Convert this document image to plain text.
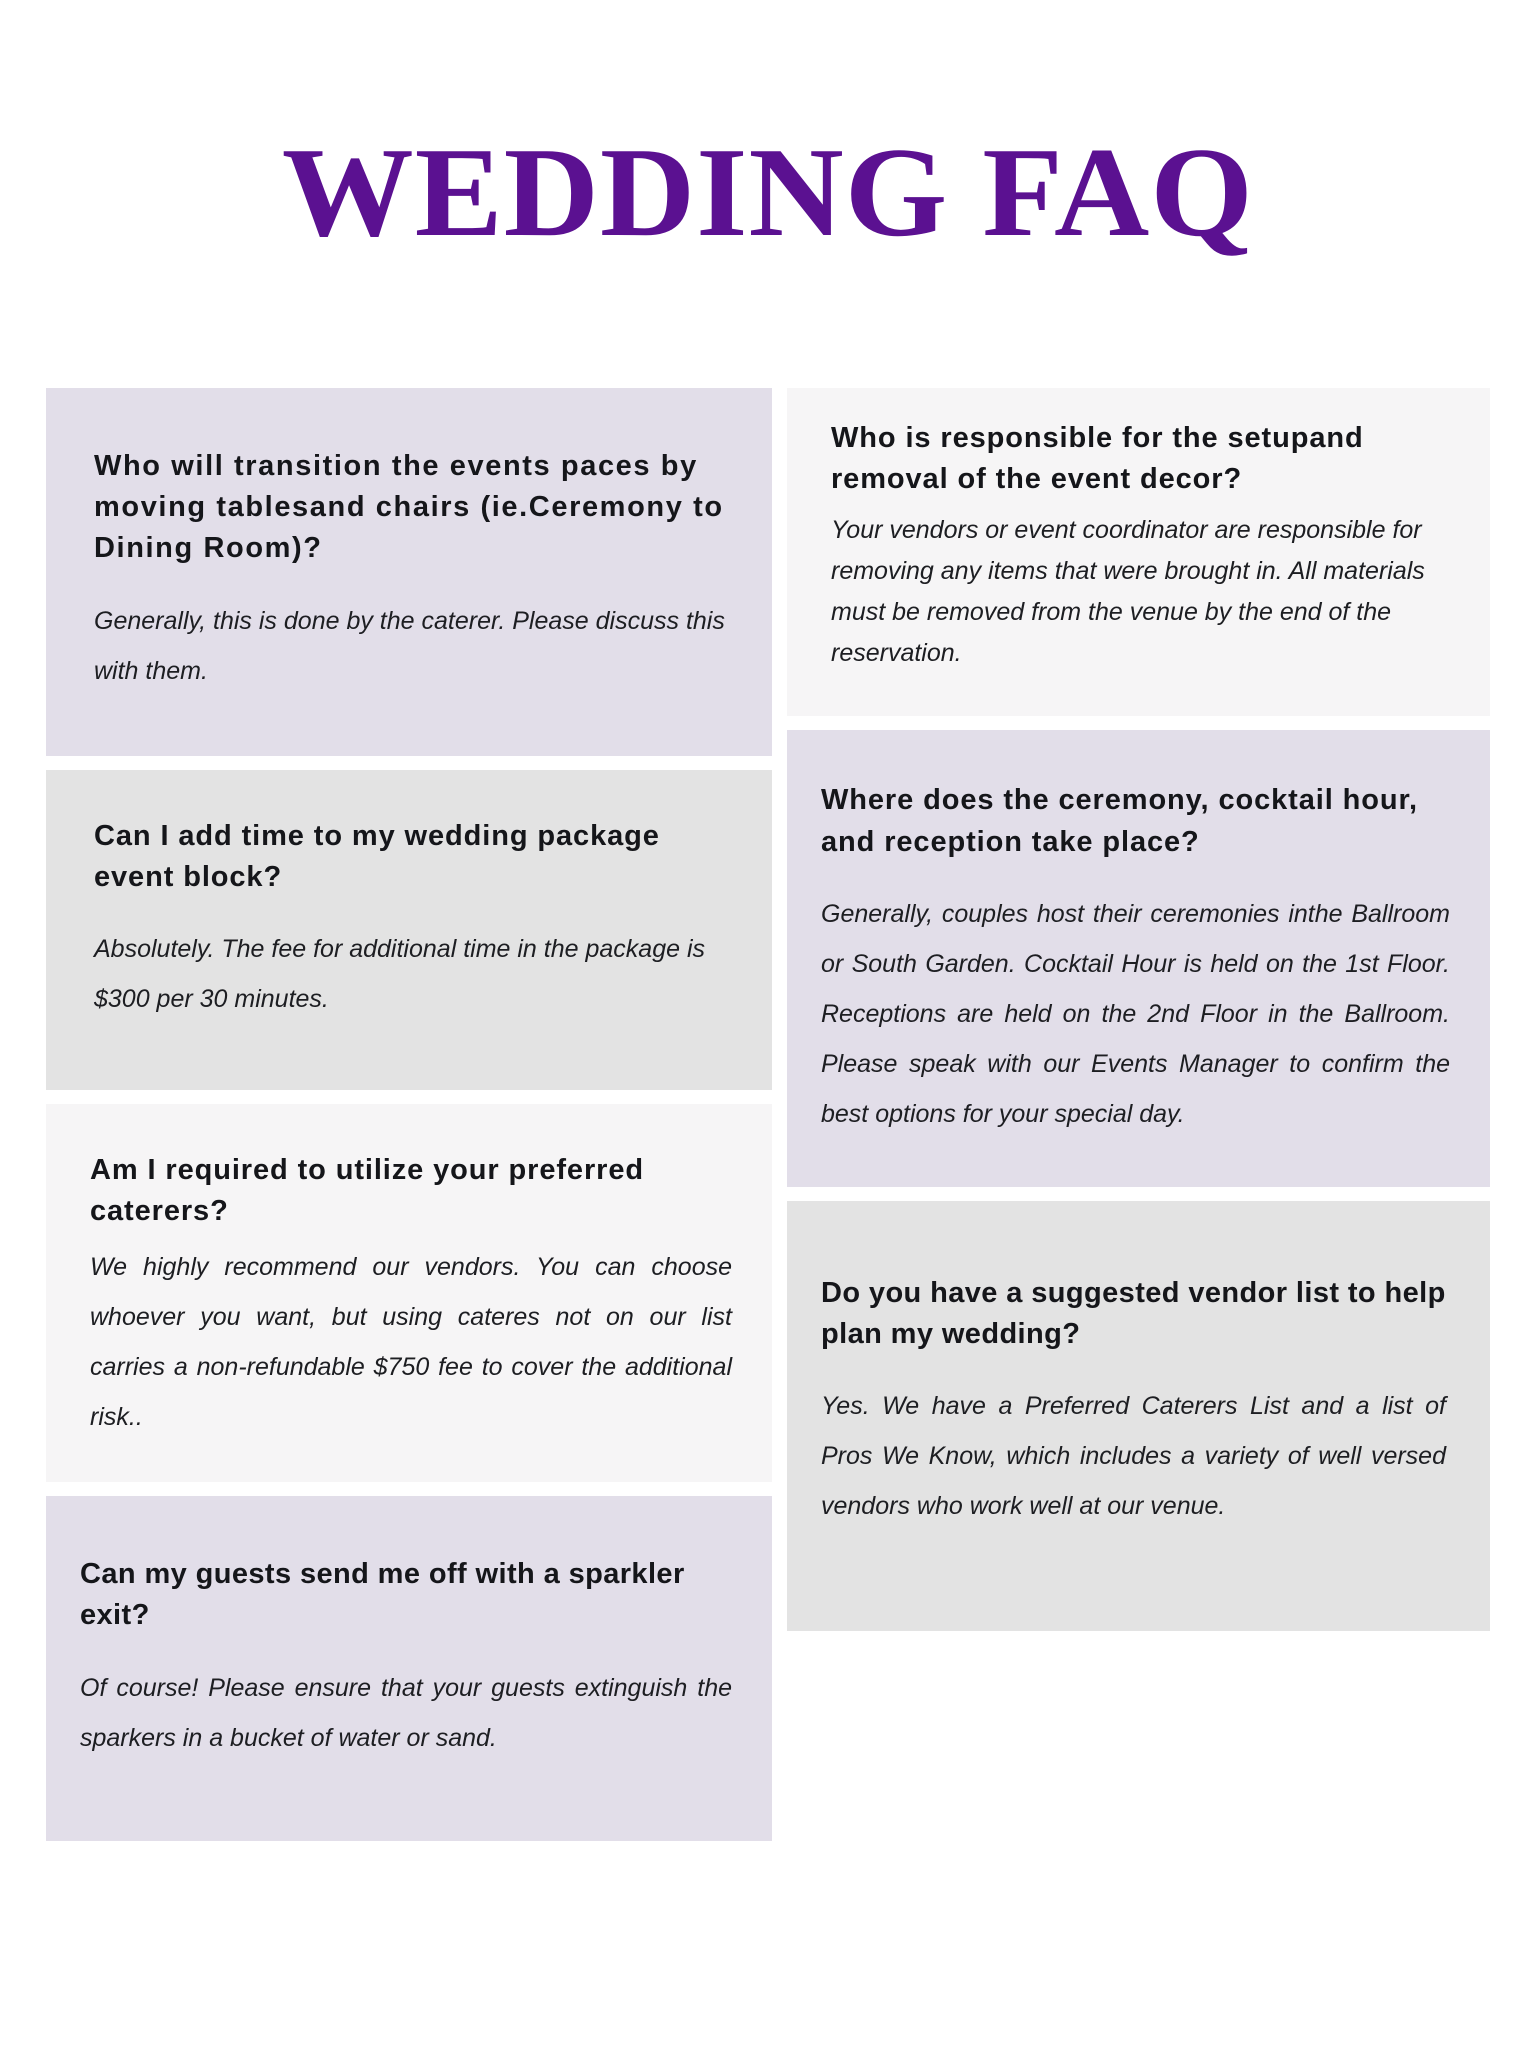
WEDDING FAQ

Who will transition the events paces by moving tablesand chairs (ie.Ceremony to Dining Room)?

Generally, this is done by the caterer. Please discuss this with them.

Can I add time to my wedding package event block?

Absolutely. The fee for additional time in the package is $300 per 30 minutes.

Am I required to utilize your preferred caterers?

We highly recommend our vendors. You can choose whoever you want, but using cateres not on our list carries a non-refundable $750 fee to cover the additional risk..

Can my guests send me off with a sparkler exit?

Of course! Please ensure that your guests extinguish the sparkers in a bucket of water or sand.

Who is responsible for the setupand removal of the event decor?

Your vendors or event coordinator are responsible for removing any items that were brought in. All materials must be removed from the venue by the end of the reservation.

Where does the ceremony, cocktail hour, and reception take place?

Generally, couples host their ceremonies inthe Ballroom or South Garden. Cocktail Hour is held on the 1st Floor. Receptions are held on the 2nd Floor in the Ballroom. Please speak with our Events Manager to confirm the best options for your special day.

Do you have a suggested vendor list to help plan my wedding?

Yes. We have a Preferred Caterers List and a list of Pros We Know, which includes a variety of well versed vendors who work well at our venue.
